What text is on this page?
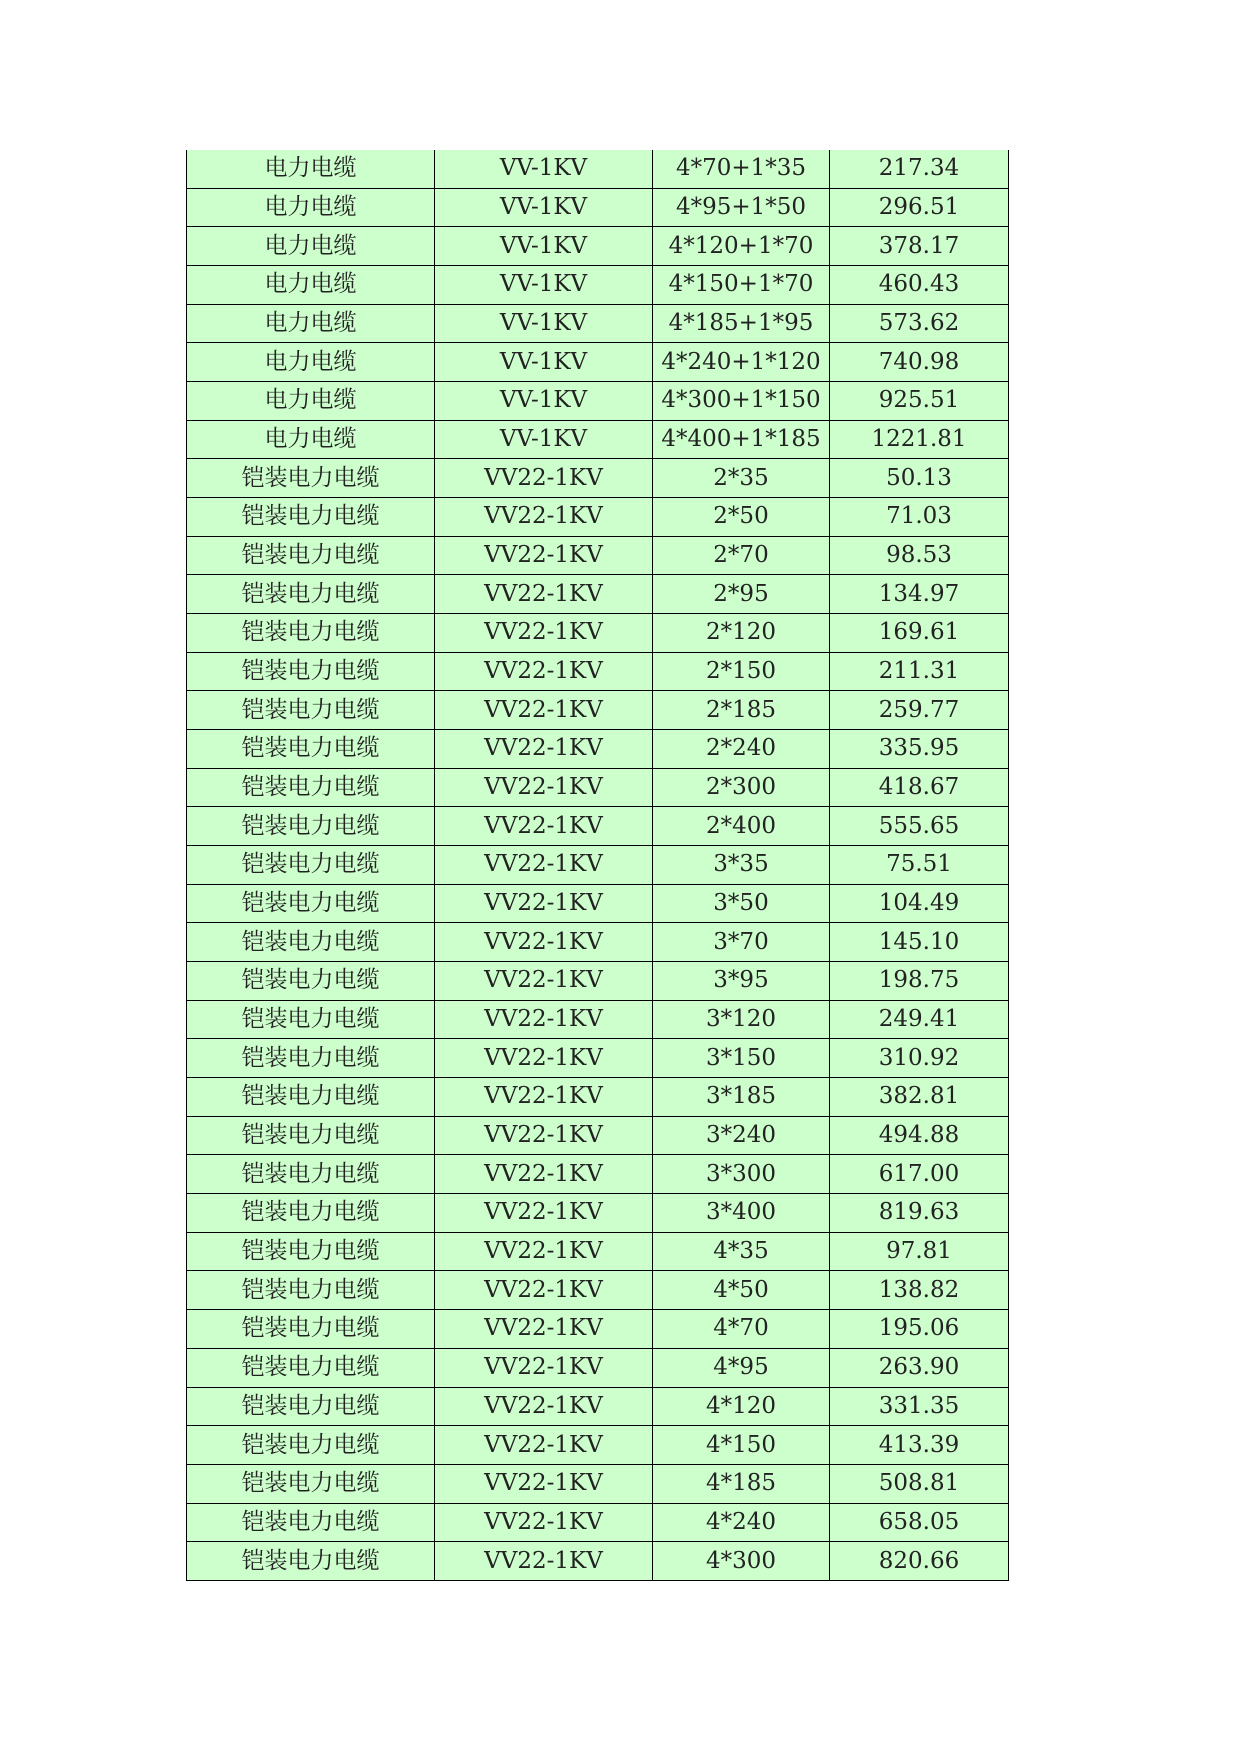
电力电缆	VV-1KV	4*70+1*35	217.34
电力电缆	VV-1KV	4*95+1*50	296.51
电力电缆	VV-1KV	4*120+1*70	378.17
电力电缆	VV-1KV	4*150+1*70	460.43
电力电缆	VV-1KV	4*185+1*95	573.62
电力电缆	VV-1KV	4*240+1*120	740.98
电力电缆	VV-1KV	4*300+1*150	925.51
电力电缆	VV-1KV	4*400+1*185	1221.81
铠装电力电缆	VV22-1KV	2*35	50.13
铠装电力电缆	VV22-1KV	2*50	71.03
铠装电力电缆	VV22-1KV	2*70	98.53
铠装电力电缆	VV22-1KV	2*95	134.97
铠装电力电缆	VV22-1KV	2*120	169.61
铠装电力电缆	VV22-1KV	2*150	211.31
铠装电力电缆	VV22-1KV	2*185	259.77
铠装电力电缆	VV22-1KV	2*240	335.95
铠装电力电缆	VV22-1KV	2*300	418.67
铠装电力电缆	VV22-1KV	2*400	555.65
铠装电力电缆	VV22-1KV	3*35	75.51
铠装电力电缆	VV22-1KV	3*50	104.49
铠装电力电缆	VV22-1KV	3*70	145.10
铠装电力电缆	VV22-1KV	3*95	198.75
铠装电力电缆	VV22-1KV	3*120	249.41
铠装电力电缆	VV22-1KV	3*150	310.92
铠装电力电缆	VV22-1KV	3*185	382.81
铠装电力电缆	VV22-1KV	3*240	494.88
铠装电力电缆	VV22-1KV	3*300	617.00
铠装电力电缆	VV22-1KV	3*400	819.63
铠装电力电缆	VV22-1KV	4*35	97.81
铠装电力电缆	VV22-1KV	4*50	138.82
铠装电力电缆	VV22-1KV	4*70	195.06
铠装电力电缆	VV22-1KV	4*95	263.90
铠装电力电缆	VV22-1KV	4*120	331.35
铠装电力电缆	VV22-1KV	4*150	413.39
铠装电力电缆	VV22-1KV	4*185	508.81
铠装电力电缆	VV22-1KV	4*240	658.05
铠装电力电缆	VV22-1KV	4*300	820.66
